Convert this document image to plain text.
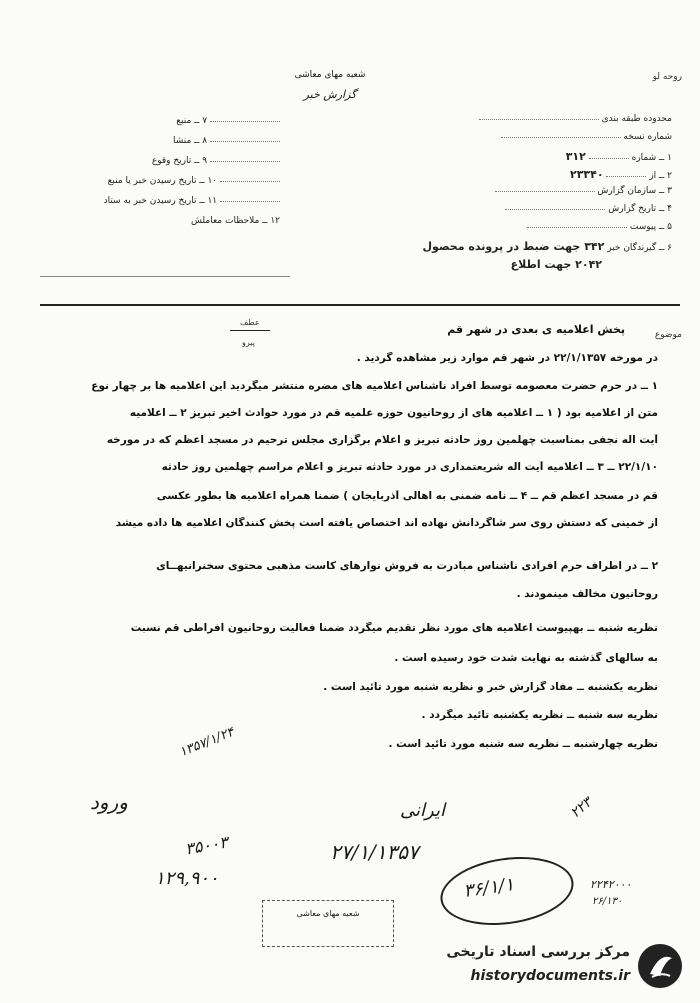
روحه لو
شعبه مهای معاشی
گزارش خبر
۷ ــ منبع
۸ ــ منشا
۹ ــ تاریخ وقوع
۱۰ ــ تاریخ رسیدن خبر یا منبع
۱۱ ــ تاریخ رسیدن خبر به ستاد
۱۲ ــ ملاحظات معاملش
محدوده طبقه بندی
شماره نسخه
۱ ــ شماره  ۳۱۲
۲ ــ از  ۲۳۳۴۰
۳ ــ سازمان گزارش
۴ ــ تاریخ گزارش
۵ ــ پیوست
۶ ــ گیرندگان خبر ۳۴۲ جهت ضبط در پرونده محصول
۲۰۴۲ جهت اطلاع
موضوع
پخش اعلامیه ی بعدی در شهر قم
عطف
پیرو
در مورخه ۲۲/۱/۱۳۵۷ در شهر قم موارد زیر مشاهده گردید .
۱ ــ در حرم حضرت معصومه توسط افراد ناشناس اعلامیه های مضره منتشر میگردید این اعلامیه ها بر چهار نوع
متن از اعلامیه بود ( ۱ ــ اعلامیه های از روحانیون حوزه علمیه قم در مورد حوادث اخیر تبریز ۲ ــ اعلامیه
آیت اله نجفی بمناسبت چهلمین روز حادثه تبریز و اعلام برگزاری مجلس ترحیم در مسجد اعظم که در مورخه
۲۲/۱/۱۰ ــ ۳ ــ اعلامیه آیت اله شریعتمداری در مورد حادثه تبریز و اعلام مراسم چهلمین روز حادثه
قم در مسجد اعظم قم ــ ۴ ــ نامه ضمنی به اهالی آذربایجان ) ضمنا همراه اعلامیه ها بطور عکسی
از خمینی که دستش روی سر شاگردانش نهاده اند اختصاص یافته است پخش کنندگان اعلامیه ها داده میشد
۲ ــ در اطراف حرم افرادی ناشناس مبادرت به فروش نوارهای کاست مذهبی محتوی سخنرانیهــای
روحانیون مخالف مینمودند .
نظریه شنبه ــ بهپیوست اعلامیه های مورد نظر تقدیم میگردد ضمنا فعالیت روحانیون افراطی قم نسبت
به سالهای گذشته به نهایت شدت خود رسیده است .
نظریه یکشنبه ــ مفاد گزارش خبر و نظریه شنبه مورد تائید است .
نظریه سه شنبه ــ نظریه یکشنبه تائید میگردد .
نظریه چهارشنبه ــ نظریه سه شنبه مورد تائید است .
۱۳۵۷/۱/۲۴
ورود
۱۲۹,۹۰۰
۳۵۰۰۳
ایرانی
۲۷/۱/۱۳۵۷
۳۶/۱/۱
۲۲۳
۲۲۴۲۰۰۰
۲۶/۱۳۰
شعبه مهای معاشی
مرکز بررسی اسناد تاریخی
historydocuments.ir
